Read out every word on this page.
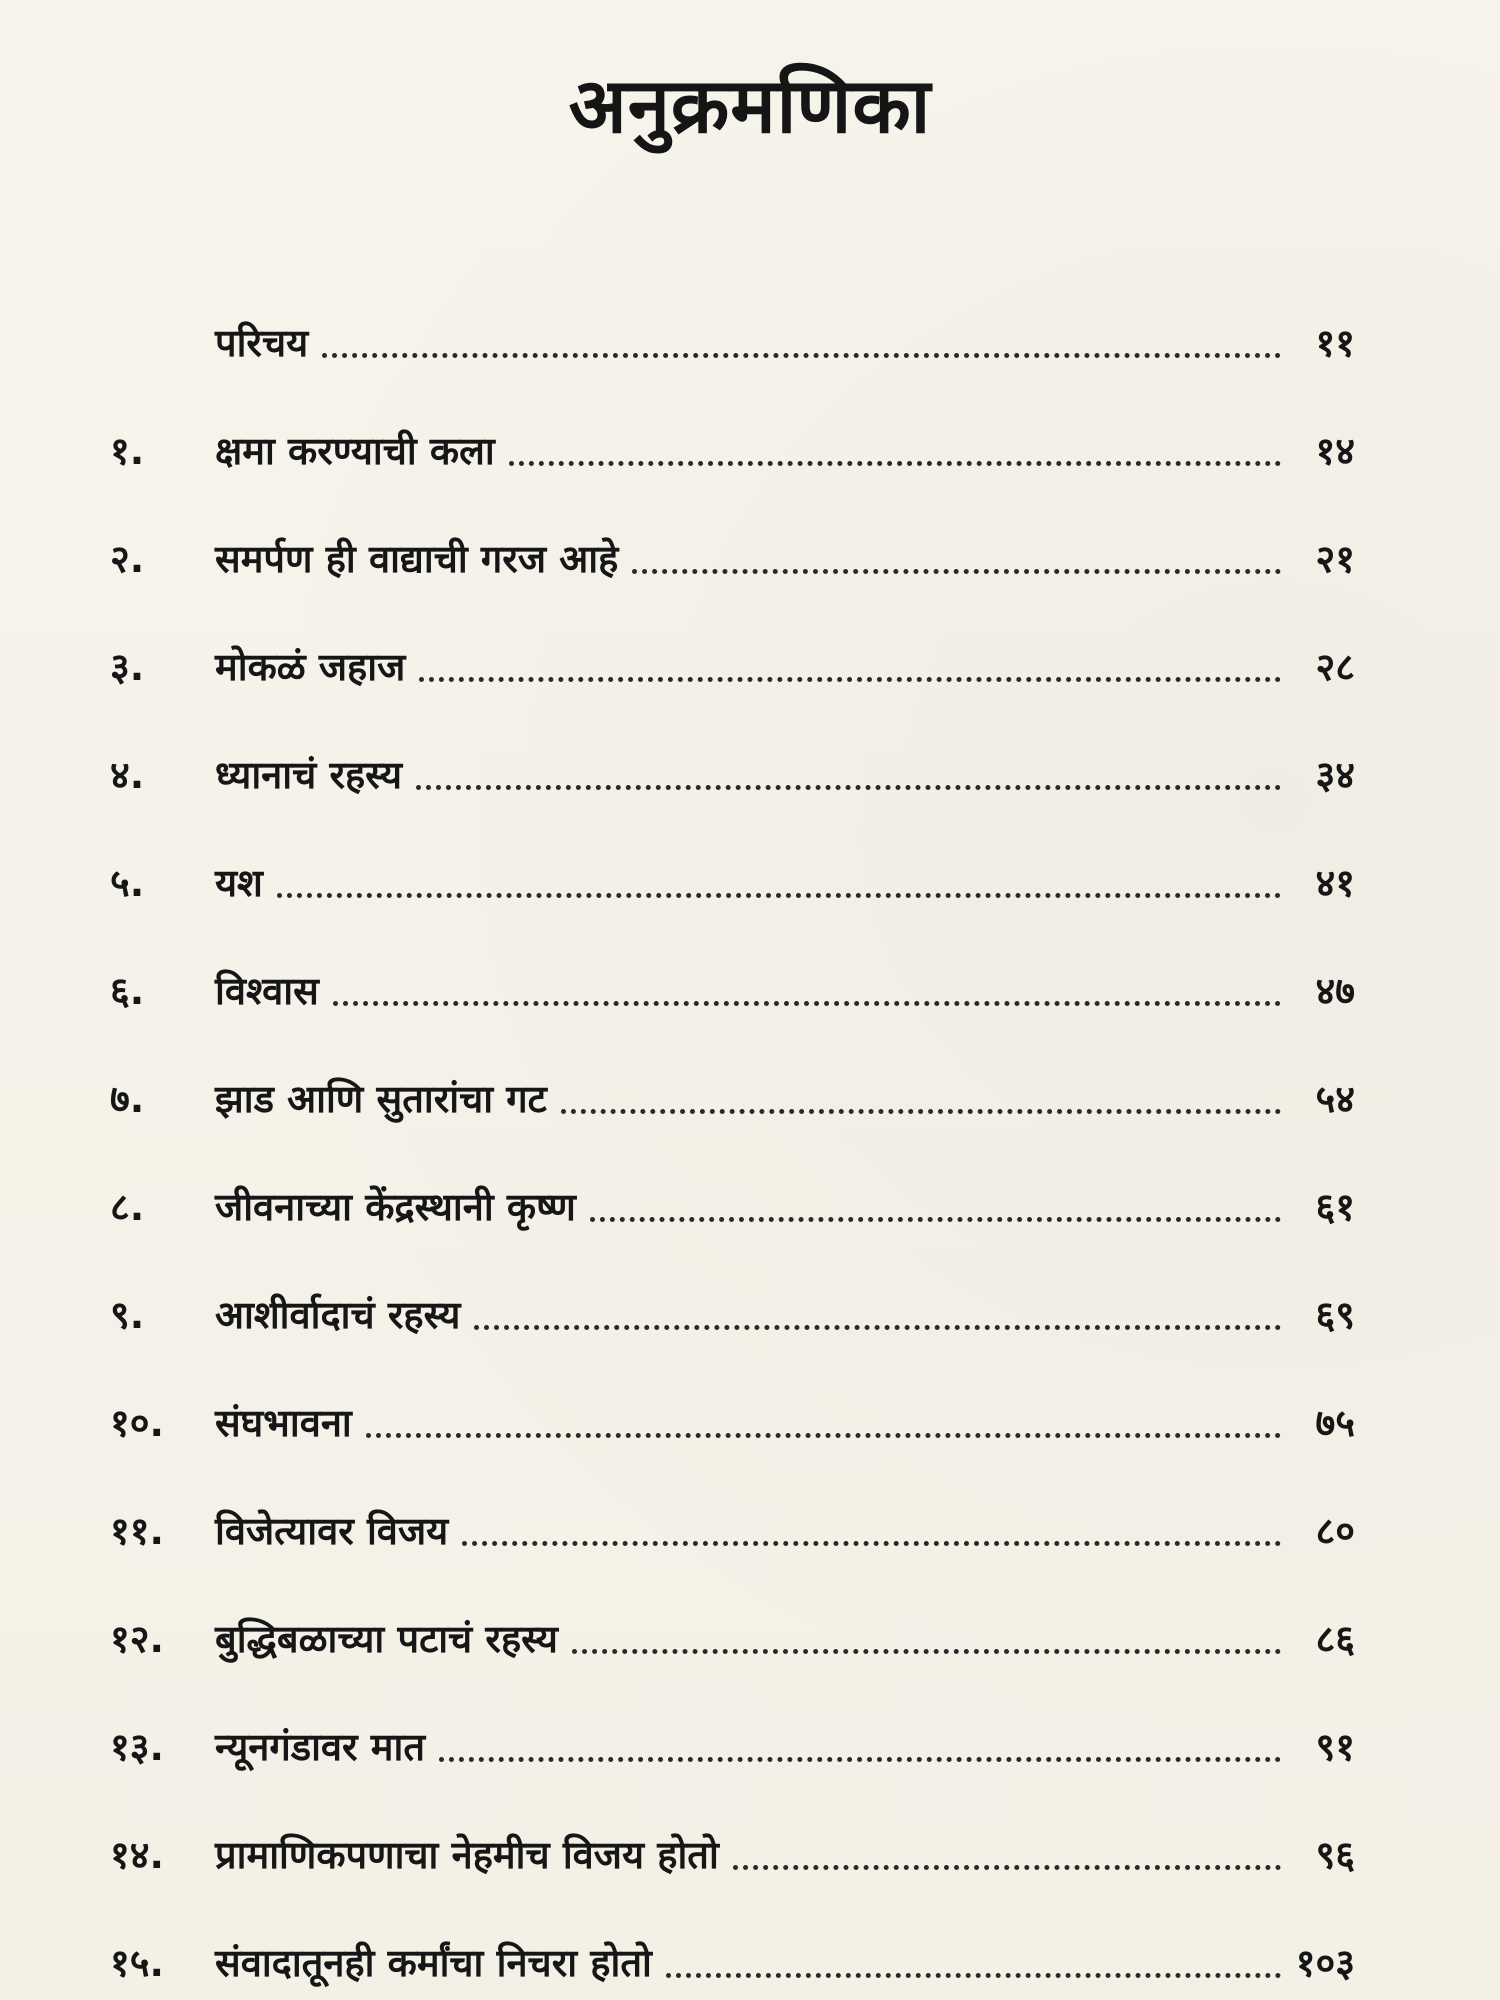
अनुक्रमणिका
परिचय	११
१.	क्षमा करण्याची कला	१४
२.	समर्पण ही वाद्याची गरज आहे	२१
३.	मोकळं जहाज	२८
४.	ध्यानाचं रहस्य	३४
५.	यश	४१
६.	विश्वास	४७
७.	झाड आणि सुतारांचा गट	५४
८.	जीवनाच्या केंद्रस्थानी कृष्ण	६१
९.	आशीर्वादाचं रहस्य	६९
१०.	संघभावना	७५
११.	विजेत्यावर विजय	८०
१२.	बुद्धिबळाच्या पटाचं रहस्य	८६
१३.	न्यूनगंडावर मात	९१
१४.	प्रामाणिकपणाचा नेहमीच विजय होतो	९६
१५.	संवादातूनही कर्मांचा निचरा होतो	१०३
